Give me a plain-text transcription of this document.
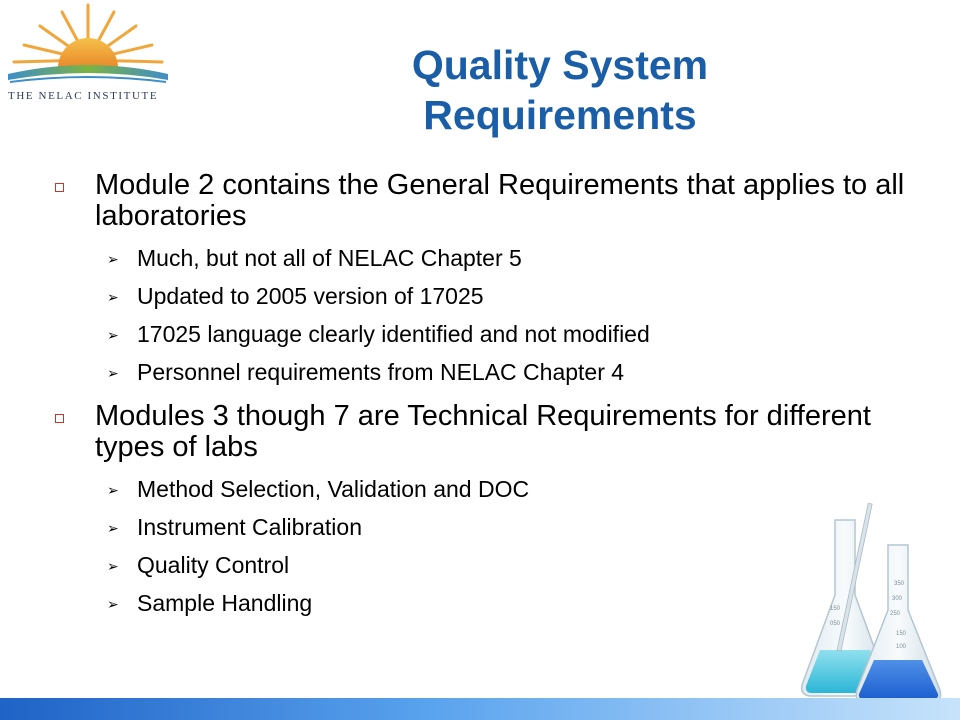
THE NELAC INSTITUTE
Quality System
Requirements
Module 2 contains the General Requirements that applies to all laboratories
➢ Much, but not all of NELAC Chapter 5
➢ Updated to 2005 version of 17025
➢ 17025 language clearly identified and not modified
➢ Personnel requirements from NELAC Chapter 4
Modules 3 though 7 are Technical Requirements for different types of labs
➢ Method Selection, Validation and DOC
➢ Instrument Calibration
➢ Quality Control
➢ Sample Handling
350
300
250
150
100
150
050
